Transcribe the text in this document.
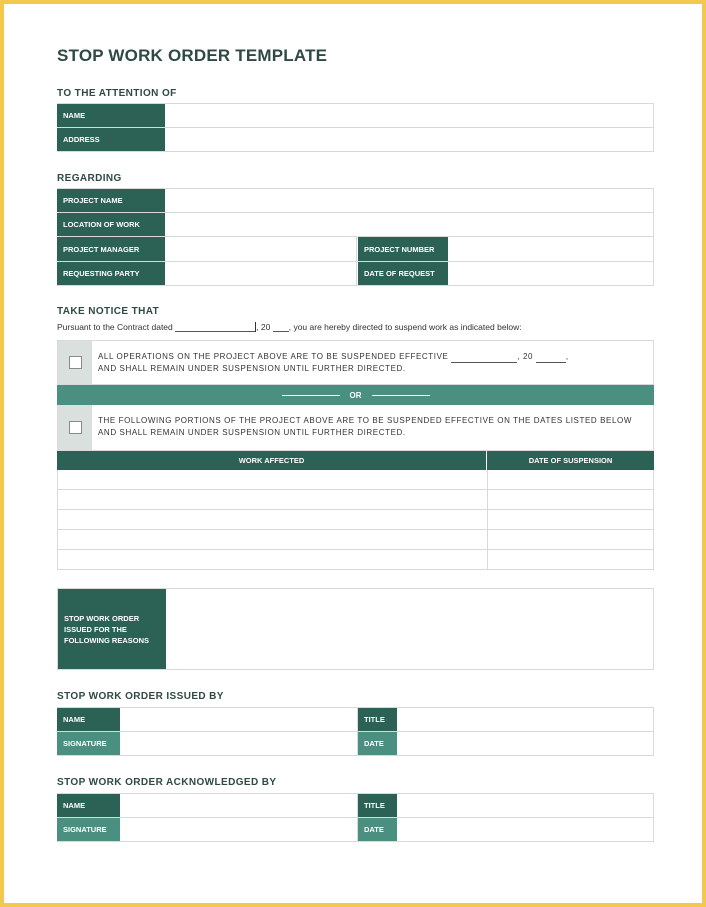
STOP WORK ORDER TEMPLATE
TO THE ATTENTION OF
NAME
ADDRESS
REGARDING
PROJECT NAME
LOCATION OF WORK
PROJECT MANAGER	PROJECT NUMBER
REQUESTING PARTY	DATE OF REQUEST
TAKE NOTICE THAT
Pursuant to the Contract dated	, 20 , you are hereby directed to suspend work as indicated below:
ALL OPERATIONS ON THE PROJECT ABOVE ARE TO BE SUSPENDED EFFECTIVE	, 20	,
AND SHALL REMAIN UNDER SUSPENSION UNTIL FURTHER DIRECTED.
OR
THE FOLLOWING PORTIONS OF THE PROJECT ABOVE ARE TO BE SUSPENDED EFFECTIVE ON THE DATES LISTED BELOW
AND SHALL REMAIN UNDER SUSPENSION UNTIL FURTHER DIRECTED.
WORK AFFECTED	DATE OF SUSPENSION
STOP WORK ORDER ISSUED FOR THE FOLLOWING REASONS
STOP WORK ORDER ISSUED BY
NAME	TITLE
SIGNATURE	DATE
STOP WORK ORDER ACKNOWLEDGED BY
NAME	TITLE
SIGNATURE	DATE
